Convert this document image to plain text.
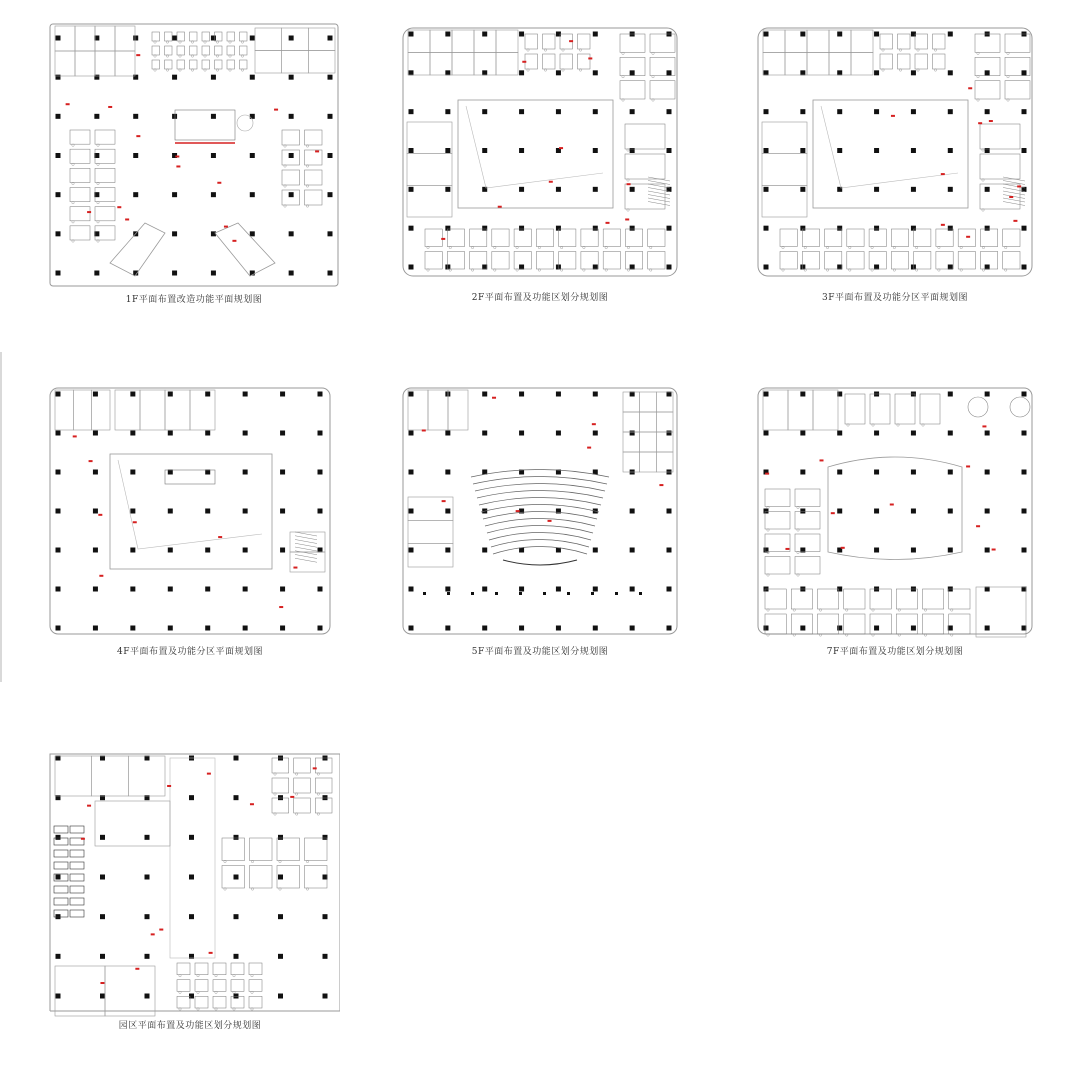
1F平面布置改造功能平面规划图	2F平面布置及功能区划分规划图	3F平面布置及功能分区平面规划图
4F平面布置及功能分区平面规划图	5F平面布置及功能区划分规划图	7F平面布置及功能区划分规划图
园区平面布置及功能区划分规划图
